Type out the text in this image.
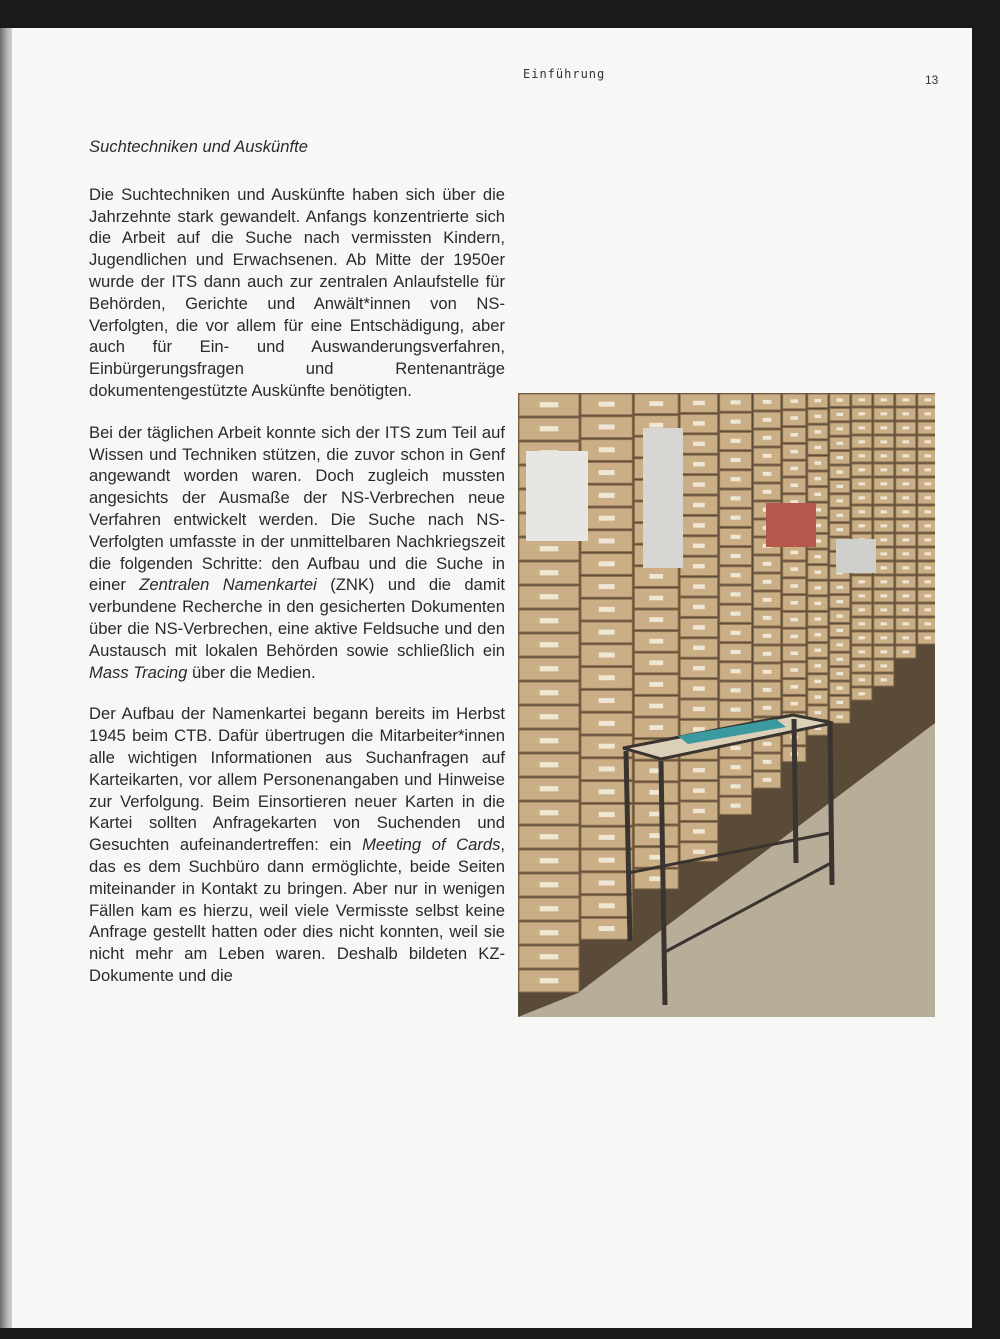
Einführung	13
Suchtechniken und Auskünfte

Die Suchtechniken und Auskünfte haben sich über die Jahrzehnte stark gewandelt. Anfangs konzentrierte sich die Arbeit auf die Suche nach vermissten Kindern, Jugendlichen und Erwachsenen. Ab Mitte der 1950er wurde der ITS dann auch zur zentralen Anlaufstelle für Behörden, Gerichte und Anwält*innen von NS-Verfolgten, die vor allem für eine Entschädigung, aber auch für Ein- und Auswanderungsverfahren, Einbürgerungsfragen und Rentenanträge dokumentengestützte Auskünfte benötigten.

Bei der täglichen Arbeit konnte sich der ITS zum Teil auf Wissen und Techniken stützen, die zuvor schon in Genf angewandt worden waren. Doch zugleich mussten angesichts der Ausmaße der NS-Verbrechen neue Verfahren entwickelt werden. Die Suche nach NS-Verfolgten umfasste in der unmittelbaren Nachkriegszeit die folgenden Schritte: den Aufbau und die Suche in einer Zentralen Namenkartei (ZNK) und die damit verbundene Recherche in den gesicherten Dokumenten über die NS-Verbrechen, eine aktive Feldsuche und den Austausch mit lokalen Behörden sowie schließlich ein Mass Tracing über die Medien.

Der Aufbau der Namenkartei begann bereits im Herbst 1945 beim CTB. Dafür übertrugen die Mitarbeiter*innen alle wichtigen Informationen aus Suchanfragen auf Karteikarten, vor allem Personenangaben und Hinweise zur Verfolgung. Beim Einsortieren neuer Karten in die Kartei sollten Anfragekarten von Suchenden und Gesuchten aufeinandertreffen: ein Meeting of Cards, das es dem Suchbüro dann ermöglichte, beide Seiten miteinander in Kontakt zu bringen. Aber nur in wenigen Fällen kam es hierzu, weil viele Vermisste selbst keine Anfrage gestellt hatten oder dies nicht konnten, weil sie nicht mehr am Leben waren. Deshalb bildeten KZ-Dokumente und die
